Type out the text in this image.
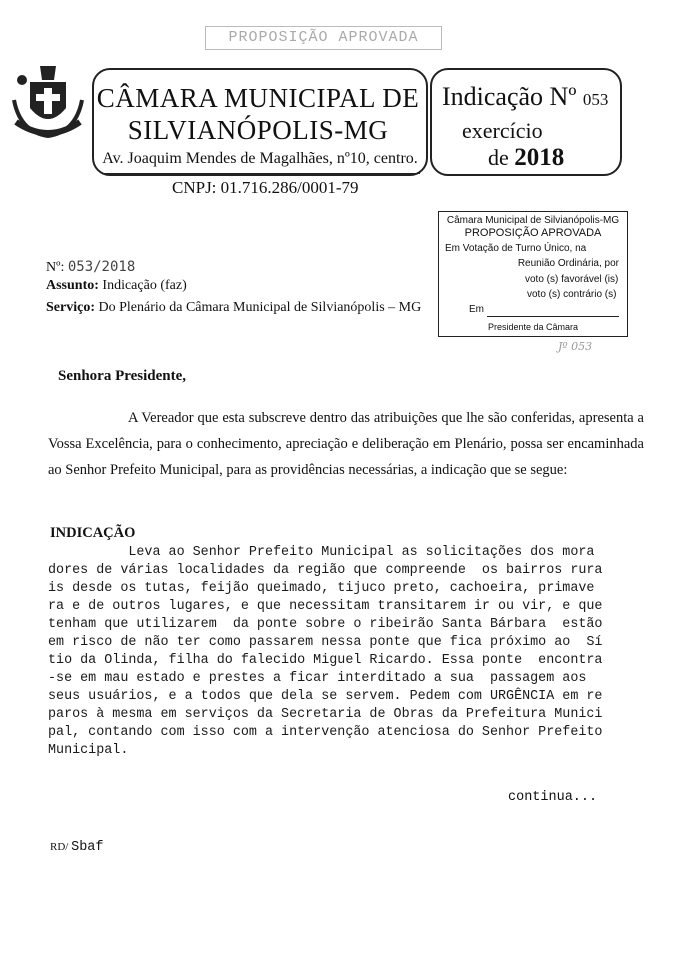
PROPOSIÇÃO APROVADA
CÂMARA MUNICIPAL DE
SILVIANÓPOLIS-MG
Av. Joaquim Mendes de Magalhães, nº10, centro.
Indicação Nº 053
exercício
de 2018
CNPJ: 01.716.286/0001-79
Câmara Municipal de Silvianópolis-MG
PROPOSIÇÃO APROVADA
Em Votação de Turno Único, na
Reunião Ordinária, por
voto (s) favorável (is)
voto (s) contrário (s)
Em
Presidente da Câmara
Jº 053
Nº: 053/2018
Assunto: Indicação (faz)
Serviço: Do Plenário da Câmara Municipal de Silvianópolis – MG
Senhora Presidente,
A Vereador que esta subscreve dentro das atribuições que lhe são conferidas, apresenta a Vossa Excelência, para o conhecimento, apreciação e deliberação em Plenário, possa ser encaminhada ao Senhor Prefeito Municipal, para as providências necessárias, a indicação que se segue:
INDICAÇÃO
Leva ao Senhor Prefeito Municipal as solicitações dos mora
dores de várias localidades da região que compreende  os bairros rura
is desde os tutas, feijão queimado, tijuco preto, cachoeira, primave
ra e de outros lugares, e que necessitam transitarem ir ou vir, e que
tenham que utilizarem  da ponte sobre o ribeirão Santa Bárbara  estão
em risco de não ter como passarem nessa ponte que fica próximo ao  Sí
tio da Olinda, filha do falecido Miguel Ricardo. Essa ponte  encontra
-se em mau estado e prestes a ficar interditado a sua  passagem aos
seus usuários, e a todos que dela se servem. Pedem com URGÊNCIA em re
paros à mesma em serviços da Secretaria de Obras da Prefeitura Munici
pal, contando com isso com a intervenção atenciosa do Senhor Prefeito
Municipal.
continua...
RD/ Sbaf
